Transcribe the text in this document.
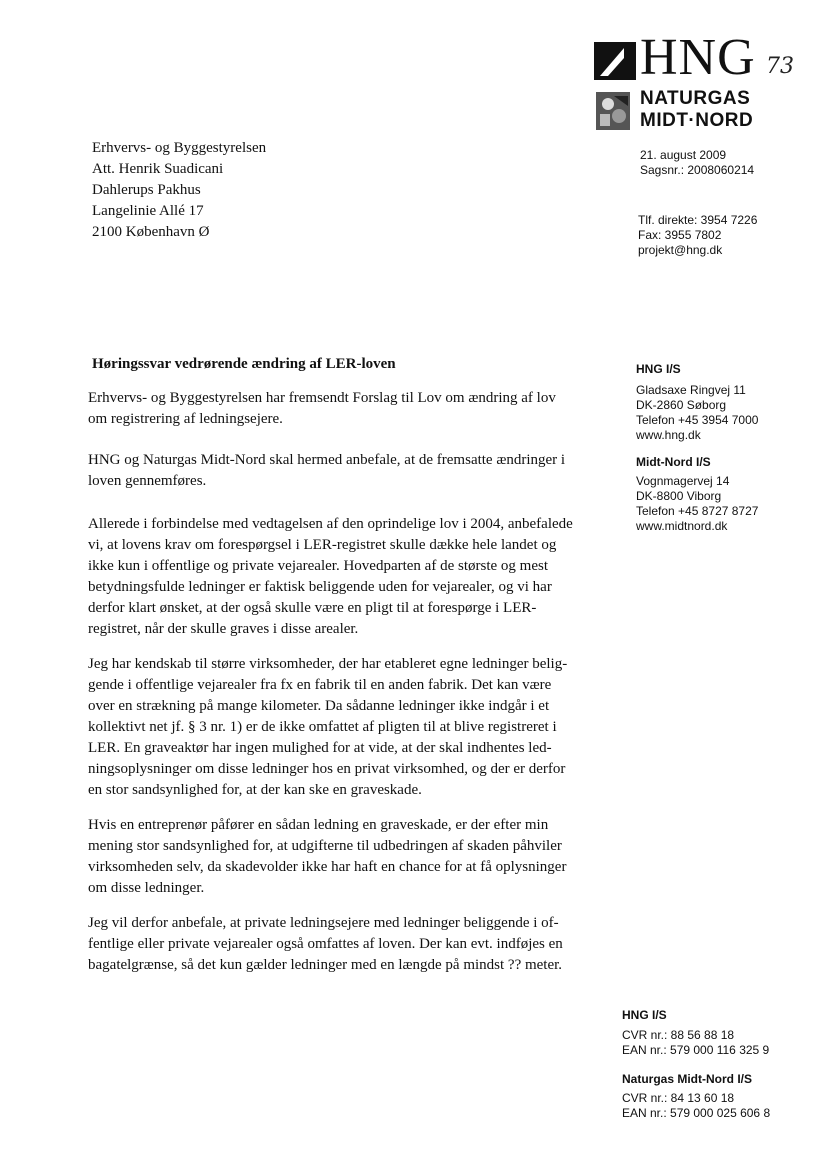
HNG 73
NATURGAS
MIDT·NORD
Erhvervs- og Byggestyrelsen
Att. Henrik Suadicani
Dahlerups Pakhus
Langelinie Allé 17
2100 København Ø
21. august 2009
Sagsnr.: 2008060214
Tlf. direkte: 3954 7226
Fax: 3955 7802
projekt@hng.dk
HNG I/S
Gladsaxe Ringvej 11
DK-2860 Søborg
Telefon +45 3954 7000
www.hng.dk
Midt-Nord I/S
Vognmagervej 14
DK-8800 Viborg
Telefon +45 8727 8727
www.midtnord.dk
Høringssvar vedrørende ændring af LER-loven
Erhvervs- og Byggestyrelsen har fremsendt Forslag til Lov om ændring af lov
om registrering af ledningsejere.
HNG og Naturgas Midt-Nord skal hermed anbefale, at de fremsatte ændringer i
loven gennemføres.
Allerede i forbindelse med vedtagelsen af den oprindelige lov i 2004, anbefalede
vi, at lovens krav om forespørgsel i LER-registret skulle dække hele landet og
ikke kun i offentlige og private vejarealer. Hovedparten af de største og mest
betydningsfulde ledninger er faktisk beliggende uden for vejarealer, og vi har
derfor klart ønsket, at der også skulle være en pligt til at forespørge i LER-
registret, når der skulle graves i disse arealer.
Jeg har kendskab til større virksomheder, der har etableret egne ledninger belig-
gende i offentlige vejarealer fra fx en fabrik til en anden fabrik. Det kan være
over en strækning på mange kilometer. Da sådanne ledninger ikke indgår i et
kollektivt net jf. § 3 nr. 1) er de ikke omfattet af pligten til at blive registreret i
LER. En graveaktør har ingen mulighed for at vide, at der skal indhentes led-
ningsoplysninger om disse ledninger hos en privat virksomhed, og der er derfor
en stor sandsynlighed for, at der kan ske en graveskade.
Hvis en entreprenør påfører en sådan ledning en graveskade, er der efter min
mening stor sandsynlighed for, at udgifterne til udbedringen af skaden påhviler
virksomheden selv, da skadevolder ikke har haft en chance for at få oplysninger
om disse ledninger.
Jeg vil derfor anbefale, at private ledningsejere med ledninger beliggende i of-
fentlige eller private vejarealer også omfattes af loven. Der kan evt. indføjes en
bagatelgrænse, så det kun gælder ledninger med en længde på mindst ?? meter.
HNG I/S
CVR nr.: 88 56 88 18
EAN nr.: 579 000 116 325 9
Naturgas Midt-Nord I/S
CVR nr.: 84 13 60 18
EAN nr.: 579 000 025 606 8
